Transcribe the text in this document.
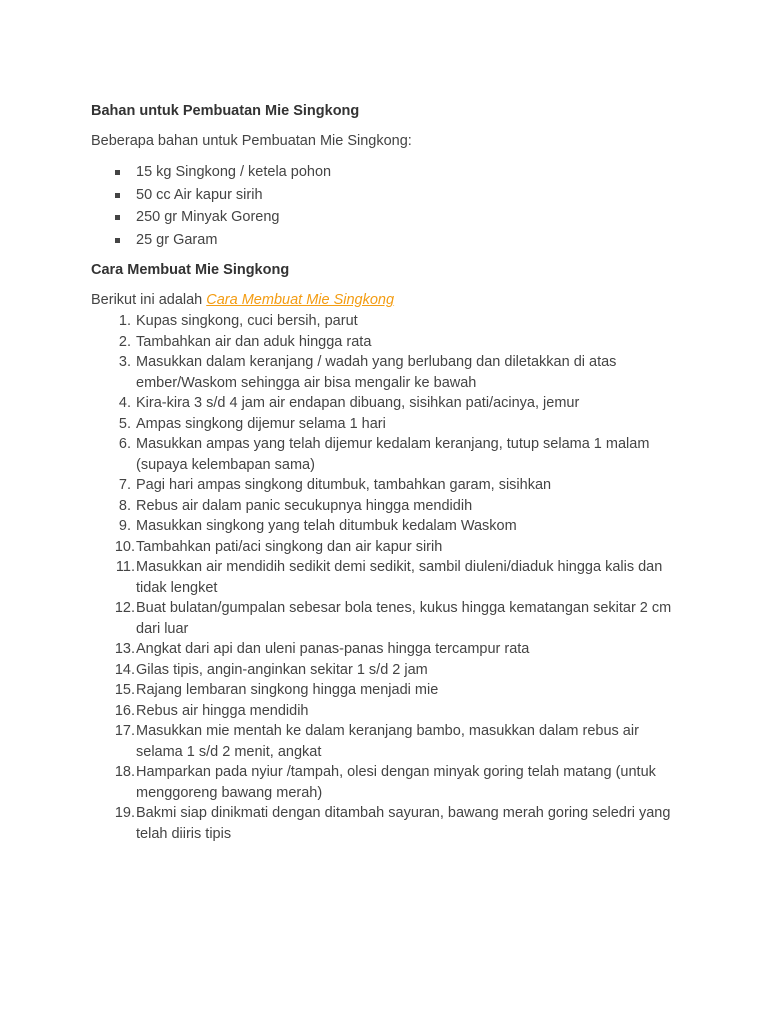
Bahan untuk Pembuatan Mie Singkong

Beberapa bahan untuk Pembuatan Mie Singkong:

15 kg Singkong / ketela pohon
50 cc Air kapur sirih
250 gr Minyak Goreng
25 gr Garam
Cara Membuat Mie Singkong

Berikut ini adalah Cara Membuat Mie Singkong

1. Kupas singkong, cuci bersih, parut
2. Tambahkan air dan aduk hingga rata
3. Masukkan dalam keranjang / wadah yang berlubang dan diletakkan di atas ember/Waskom sehingga air bisa mengalir ke bawah
4. Kira-kira 3 s/d 4 jam air endapan dibuang, sisihkan pati/acinya, jemur
5. Ampas singkong dijemur selama 1 hari
6. Masukkan ampas yang telah dijemur kedalam keranjang, tutup selama 1 malam (supaya kelembapan sama)
7. Pagi hari ampas singkong ditumbuk, tambahkan garam, sisihkan
8. Rebus air dalam panic secukupnya hingga mendidih
9. Masukkan singkong yang telah ditumbuk kedalam Waskom
10. Tambahkan pati/aci singkong dan air kapur sirih
11. Masukkan air mendidih sedikit demi sedikit, sambil diuleni/diaduk hingga kalis dan tidak lengket
12. Buat bulatan/gumpalan sebesar bola tenes, kukus hingga kematangan sekitar 2 cm dari luar
13. Angkat dari api dan uleni panas-panas hingga tercampur rata
14. Gilas tipis, angin-anginkan sekitar 1 s/d 2 jam
15. Rajang lembaran singkong hingga menjadi mie
16. Rebus air hingga mendidih
17. Masukkan mie mentah ke dalam keranjang bambo, masukkan dalam rebus air selama 1 s/d 2 menit, angkat
18. Hamparkan pada nyiur /tampah, olesi dengan minyak goring telah matang (untuk menggoreng bawang merah)
19. Bakmi siap dinikmati dengan ditambah sayuran, bawang merah goring seledri yang telah diiris tipis
